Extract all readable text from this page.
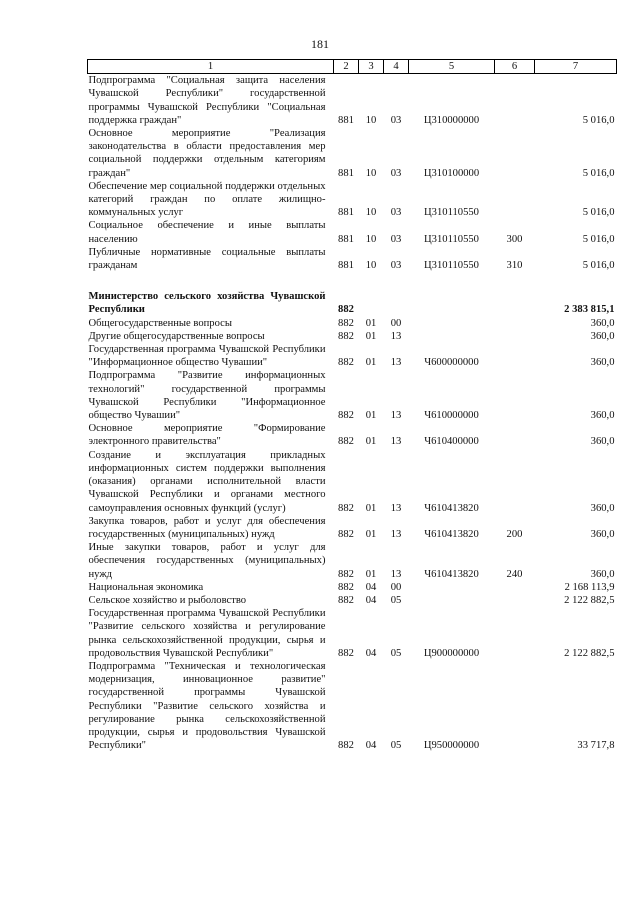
181
1	2	3	4	5	6	7
Подпрограмма "Социальная защита населения Чувашской Республики" государственной программы Чувашской Республики "Социальная поддержка граждан"	881	10	03	Ц310000000		5 016,0
Основное мероприятие "Реализация законодательства в области предоставления мер социальной поддержки отдельным категориям граждан"	881	10	03	Ц310100000		5 016,0
Обеспечение мер социальной поддержки отдельных категорий граждан по оплате жилищно-коммунальных услуг	881	10	03	Ц310110550		5 016,0
Социальное обеспечение и иные выплаты населению	881	10	03	Ц310110550	300	5 016,0
Публичные нормативные социальные выплаты гражданам	881	10	03	Ц310110550	310	5 016,0

Министерство сельского хозяйства Чувашской Республики	882					2 383 815,1
Общегосударственные вопросы	882	01	00			360,0
Другие общегосударственные вопросы	882	01	13			360,0
Государственная программа Чувашской Республики "Информационное общество Чувашии"	882	01	13	Ч600000000		360,0
Подпрограмма "Развитие информационных технологий" государственной программы Чувашской Республики "Информационное общество Чувашии"	882	01	13	Ч610000000		360,0
Основное мероприятие "Формирование электронного правительства"	882	01	13	Ч610400000		360,0
Создание и эксплуатация прикладных информационных систем поддержки выполнения (оказания) органами исполнительной власти Чувашской Республики и органами местного самоуправления основных функций (услуг)	882	01	13	Ч610413820		360,0
Закупка товаров, работ и услуг для обеспечения государственных (муниципальных) нужд	882	01	13	Ч610413820	200	360,0
Иные закупки товаров, работ и услуг для обеспечения государственных (муниципальных) нужд	882	01	13	Ч610413820	240	360,0
Национальная экономика	882	04	00			2 168 113,9
Сельское хозяйство и рыболовство	882	04	05			2 122 882,5
Государственная программа Чувашской Республики "Развитие сельского хозяйства и регулирование рынка сельскохозяйственной продукции, сырья и продовольствия Чувашской Республики"	882	04	05	Ц900000000		2 122 882,5
Подпрограмма "Техническая и технологическая модернизация, инновационное развитие" государственной программы Чувашской Республики "Развитие сельского хозяйства и регулирование рынка сельскохозяйственной продукции, сырья и продовольствия Чувашской Республики"	882	04	05	Ц950000000		33 717,8
